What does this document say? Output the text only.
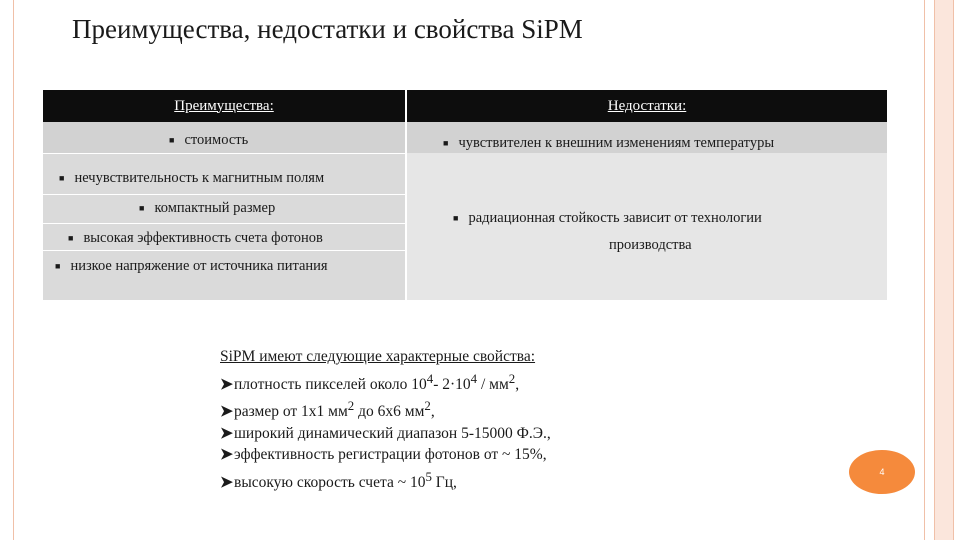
Преимущества, недостатки и свойства SiPM
Преимущества:	Недостатки:
■ стоимость
■ нечувствительность к магнитным полям
■ компактный размер
■ высокая эффективность счета фотонов
■ низкое напряжение от источника питания
■ чувствителен к внешним изменениям температуры
■ радиационная стойкость зависит от технологии
производства
SiPM имеют следующие характерные свойства:
➤плотность пикселей около $10^4-$ $2\cdot 10^4 / мм^2$,
➤размер от 1x1 $мм^2$ до 6x6 $мм^2$,
➤широкий динамический диапазон 5-15000 Ф.Э.,
➤эффективность регистрации фотонов от ~ 15%,
➤высокую скорость счета ~ $10^5$ Гц,
4
